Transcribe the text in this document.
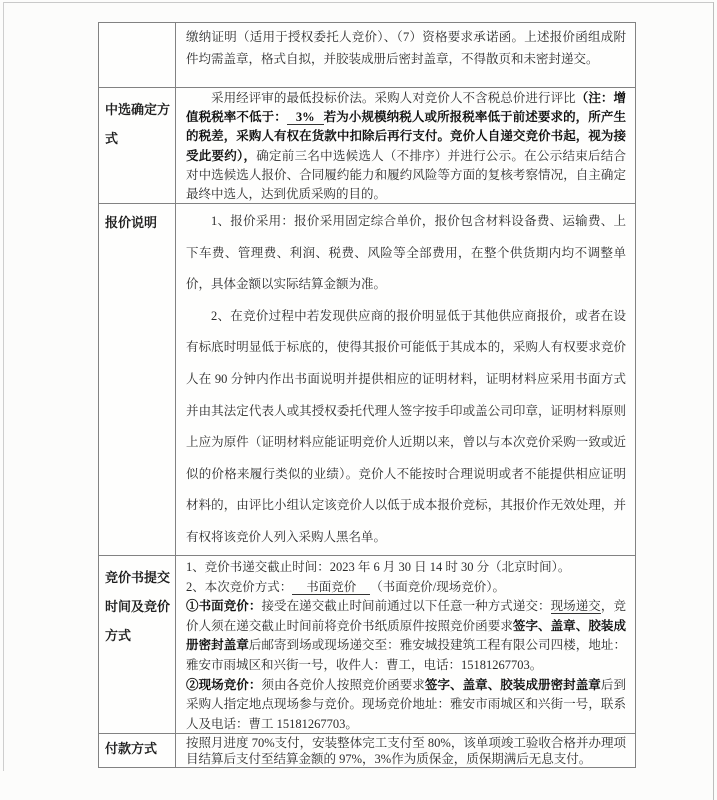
缴纳证明（适用于授权委托人竞价）、（7）资格要求承诺函。上述报价函组成附件均需盖章，格式自拟，并胶装成册后密封盖章，不得散页和未密封递交。

中选确定方式

采用经评审的最低投标价法。采购人对竞价人不含税总价进行评比（注：增值税税率不低于： 3% 若为小规模纳税人或所报税率低于前述要求的，所产生的税差，采购人有权在货款中扣除后再行支付。竞价人自递交竞价书起，视为接受此要约），确定前三名中选候选人（不排序）并进行公示。在公示结束后结合对中选候选人报价、合同履约能力和履约风险等方面的复核考察情况，自主确定最终中选人，达到优质采购的目的。

报价说明	1、报价采用：报价采用固定综合单价，报价包含材料设备费、运输费、上下车费、管理费、利润、税费、风险等全部费用，在整个供货期内均不调整单价，具体金额以实际结算金额为准。

2、在竞价过程中若发现供应商的报价明显低于其他供应商报价，或者在设有标底时明显低于标底的，使得其报价可能低于其成本的，采购人有权要求竞价人在 90 分钟内作出书面说明并提供相应的证明材料，证明材料应采用书面方式并由其法定代表人或其授权委托代理人签字按手印或盖公司印章，证明材料原则上应为原件（证明材料应能证明竞价人近期以来，曾以与本次竞价采购一致或近似的价格来履行类似的业绩）。竞价人不能按时合理说明或者不能提供相应证明材料的，由评比小组认定该竞价人以低于成本报价竞标，其报价作无效处理，并有权将该竞价人列入采购人黑名单。

竞价书提交时间及竞价方式

1、竞价书递交截止时间：2023 年 6 月 30 日 14 时 30 分（北京时间）。

2、本次竞价方式： 书面竞价 （书面竞价/现场竞价）。

①书面竞价：接受在递交截止时间前通过以下任意一种方式递交：现场递交，竞价人须在递交截止时间前将竞价书纸质原件按照竞价函要求签字、盖章、胶装成册密封盖章后邮寄到场或现场递交至：雅安城投建筑工程有限公司四楼，地址：雅安市雨城区和兴街一号，收件人：曹工，电话：15181267703。

②现场竞价：须由各竞价人按照竞价函要求签字、盖章、胶装成册密封盖章后到采购人指定地点现场参与竞价。现场竞价地址：雅安市雨城区和兴街一号，联系人及电话：曹工 15181267703。

付款方式	按照月进度 70%支付，安装整体完工支付至 80%，该单项竣工验收合格并办理项目结算后支付至结算金额的 97%，3%作为质保金，质保期满后无息支付。
